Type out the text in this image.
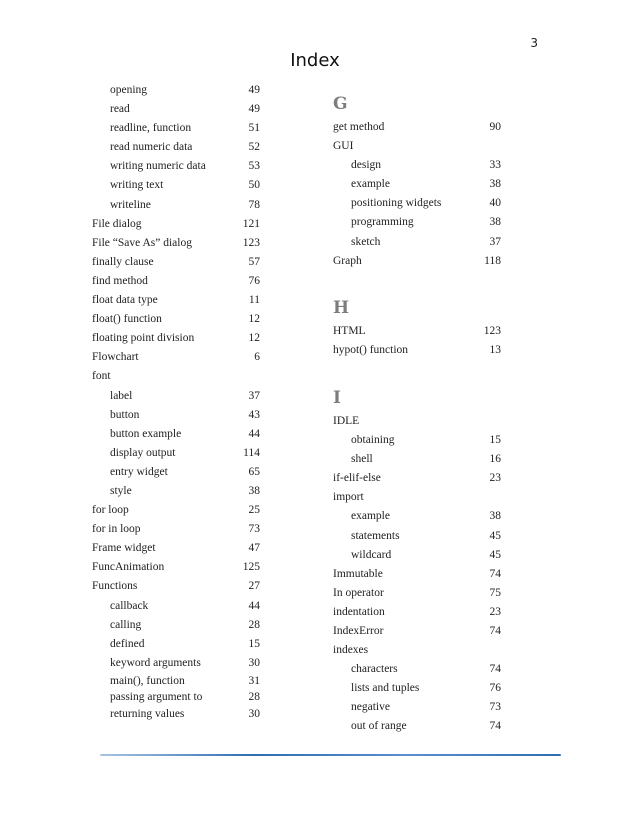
3
Index
opening	49
read	49
readline, function	51
read numeric data	52
writing numeric data	53
writing text	50
writeline	78
File dialog	121
File “Save As” dialog	123
finally clause	57
find method	76
float data type	11
float() function	12
floating point division	12
Flowchart	6
font
label	37
button	43
button example	44
display output	114
entry widget	65
style	38
for loop	25
for in loop	73
Frame widget	47
FuncAnimation	125
Functions	27
callback	44
calling	28
defined	15
keyword arguments	30
main(), function	31
passing argument to	28
returning values	30
G
get method	90
GUI
design	33
example	38
positioning widgets	40
programming	38
sketch	37
Graph	118
H
HTML	123
hypot() function	13
I
IDLE
obtaining	15
shell	16
if-elif-else	23
import
example	38
statements	45
wildcard	45
Immutable	74
In operator	75
indentation	23
IndexError	74
indexes
characters	74
lists and tuples	76
negative	73
out of range	74
